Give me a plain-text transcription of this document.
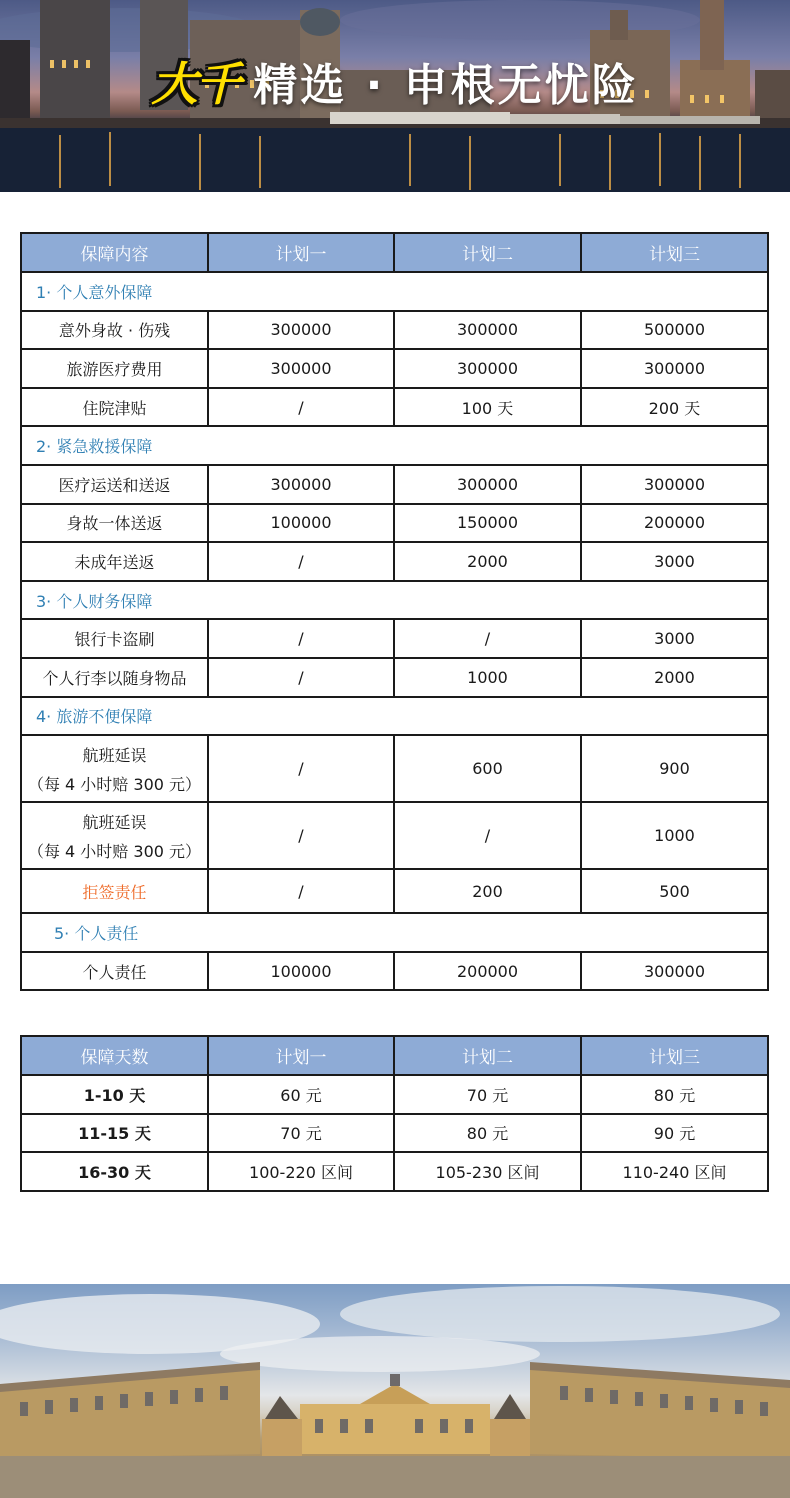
大千 精选 · 申根无忧险
保障内容	计划一	计划二	计划三
1· 个人意外保障			
意外身故 · 伤残	300000	300000	500000
旅游医疗费用	300000	300000	300000
住院津贴	/	100 天	200 天
2· 紧急救援保障			
医疗运送和送返	300000	300000	300000
身故一体送返	100000	150000	200000
未成年送返	/	2000	3000
3· 个人财务保障			
银行卡盗刷	/	/	3000
个人行李以随身物品	/	1000	2000
4· 旅游不便保障			
航班延误
（每 4 小时赔 300 元）	/	600	900
航班延误
（每 4 小时赔 300 元）	/	/	1000
拒签责任	/	200	500
5· 个人责任			
个人责任	100000	200000	300000
保障天数	计划一	计划二	计划三
1-10 天	60 元	70 元	80 元
11-15 天	70 元	80 元	90 元
16-30 天	100-220 区间	105-230 区间	110-240 区间
